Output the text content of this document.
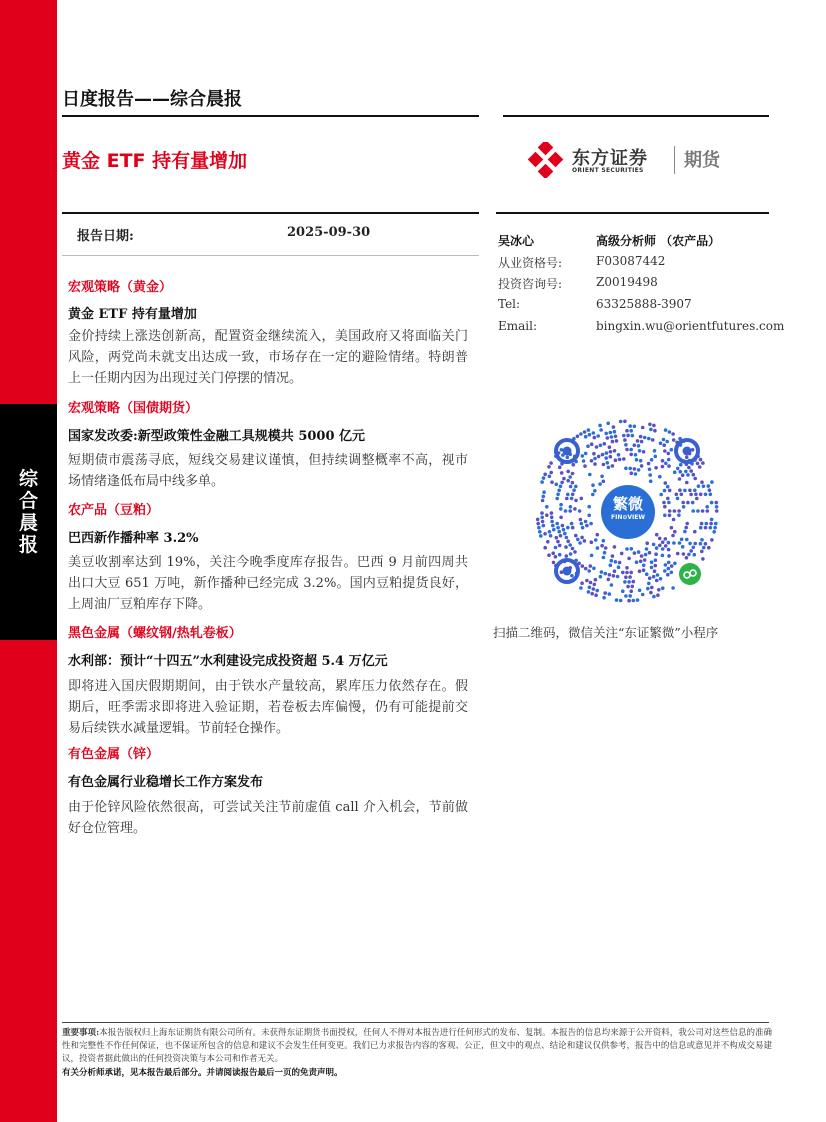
综
合
晨
报
日度报告——综合晨报
黄金 ETF 持有量增加	东方证券
ORIENT SECURITIES 期货
报告日期:	2025-09-30
宏观策略（黄金）
黄金 ETF 持有量增加
金价持续上涨迭创新高，配置资金继续流入，美国政府又将面临关门风险，两党尚未就支出达成一致，市场存在一定的避险情绪。特朗普上一任期内因为出现过关门停摆的情况。
宏观策略（国债期货）
国家发改委:新型政策性金融工具规模共 5000 亿元
短期债市震荡寻底，短线交易建议谨慎，但持续调整概率不高，视市场情绪逢低布局中线多单。
农产品（豆粕）
巴西新作播种率 3.2%
美豆收割率达到 19%，关注今晚季度库存报告。巴西 9 月前四周共出口大豆 651 万吨，新作播种已经完成 3.2%。国内豆粕提货良好，上周油厂豆粕库存下降。
黑色金属（螺纹钢/热轧卷板）
水利部：预计“十四五”水利建设完成投资超 5.4 万亿元
即将进入国庆假期期间，由于铁水产量较高，累库压力依然存在。假期后，旺季需求即将进入验证期，若卷板去库偏慢，仍有可能提前交易后续铁水减量逻辑。节前轻仓操作。
有色金属（锌）
有色金属行业稳增长工作方案发布
由于伦锌风险依然很高，可尝试关注节前虚值 call 介入机会，节前做好仓位管理。
吴冰心	高级分析师 （农产品）
从业资格号:	F03087442
投资咨询号:	Z0019498
Tel:	63325888-3907
Email:	bingxin.wu@orientfutures.com
繁微
FIN⊙VIEW
扫描二维码，微信关注“东证繁微”小程序
重要事项:本报告版权归上海东证期货有限公司所有。未获得东证期货书面授权，任何人不得对本报告进行任何形式的发布、复制。本报告的信息均来源于公开资料，我公司对这些信息的准确性和完整性不作任何保证，也不保证所包含的信息和建议不会发生任何变更。我们已力求报告内容的客观、公正，但文中的观点、结论和建议仅供参考，报告中的信息或意见并不构成交易建议，投资者据此做出的任何投资决策与本公司和作者无关。
有关分析师承诺，见本报告最后部分。并请阅读报告最后一页的免责声明。
